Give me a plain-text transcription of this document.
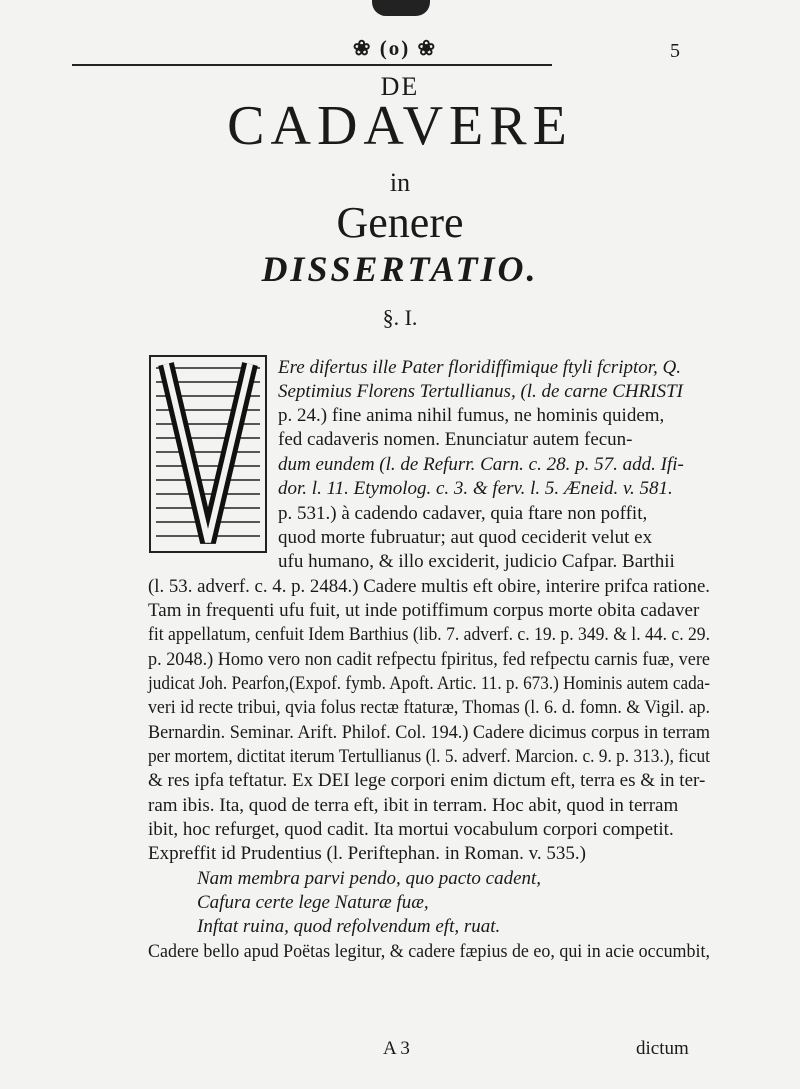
❀ (o) ❀	5
DE
CADAVERE
in
Genere
DISSERTATIO.
§. I.
Ere difertus ille Pater floridiffimique ftyli fcriptor, Q.
Septimius Florens Tertullianus, (l. de carne CHRISTI
p. 24.) fine anima nihil fumus, ne hominis quidem,
fed cadaveris nomen. Enunciatur autem fecun-
dum eundem (l. de Refurr. Carn. c. 28. p. 57. add. Ifi-
dor. l. 11. Etymolog. c. 3. & ferv. l. 5. Æneid. v. 581.
p. 531.) à cadendo cadaver, quia ftare non poffit,
quod morte fubruatur; aut quod ceciderit velut ex
ufu humano, & illo exciderit, judicio Cafpar. Barthii
(l. 53. adverf. c. 4. p. 2484.) Cadere multis eft obire, interire prifca ratione.
Tam in frequenti ufu fuit, ut inde potiffimum corpus morte obita cadaver
fit appellatum, cenfuit Idem Barthius (lib. 7. adverf. c. 19. p. 349. & l. 44. c. 29.
p. 2048.) Homo vero non cadit refpectu fpiritus, fed refpectu carnis fuæ, vere
judicat Joh. Pearfon,(Expof. fymb. Apoft. Artic. 11. p. 673.) Hominis autem cada-
veri id recte tribui, qvia folus rectæ ftaturæ, Thomas (l. 6. d. fomn. & Vigil. ap.
Bernardin. Seminar. Arift. Philof. Col. 194.) Cadere dicimus corpus in terram
per mortem, dictitat iterum Tertullianus (l. 5. adverf. Marcion. c. 9. p. 313.), ficut
& res ipfa teftatur. Ex DEI lege corpori enim dictum eft, terra es & in ter-
ram ibis. Ita, quod de terra eft, ibit in terram. Hoc abit, quod in terram
ibit, hoc refurget, quod cadit. Ita mortui vocabulum corpori competit.
Expreffit id Prudentius (l. Periftephan. in Roman. v. 535.)
Nam membra parvi pendo, quo pacto cadent,
Cafura certe lege Naturæ fuæ,
Inftat ruina, quod refolvendum eft, ruat.
Cadere bello apud Poëtas legitur, & cadere fæpius de eo, qui in acie occumbit,
A 3	dictum
